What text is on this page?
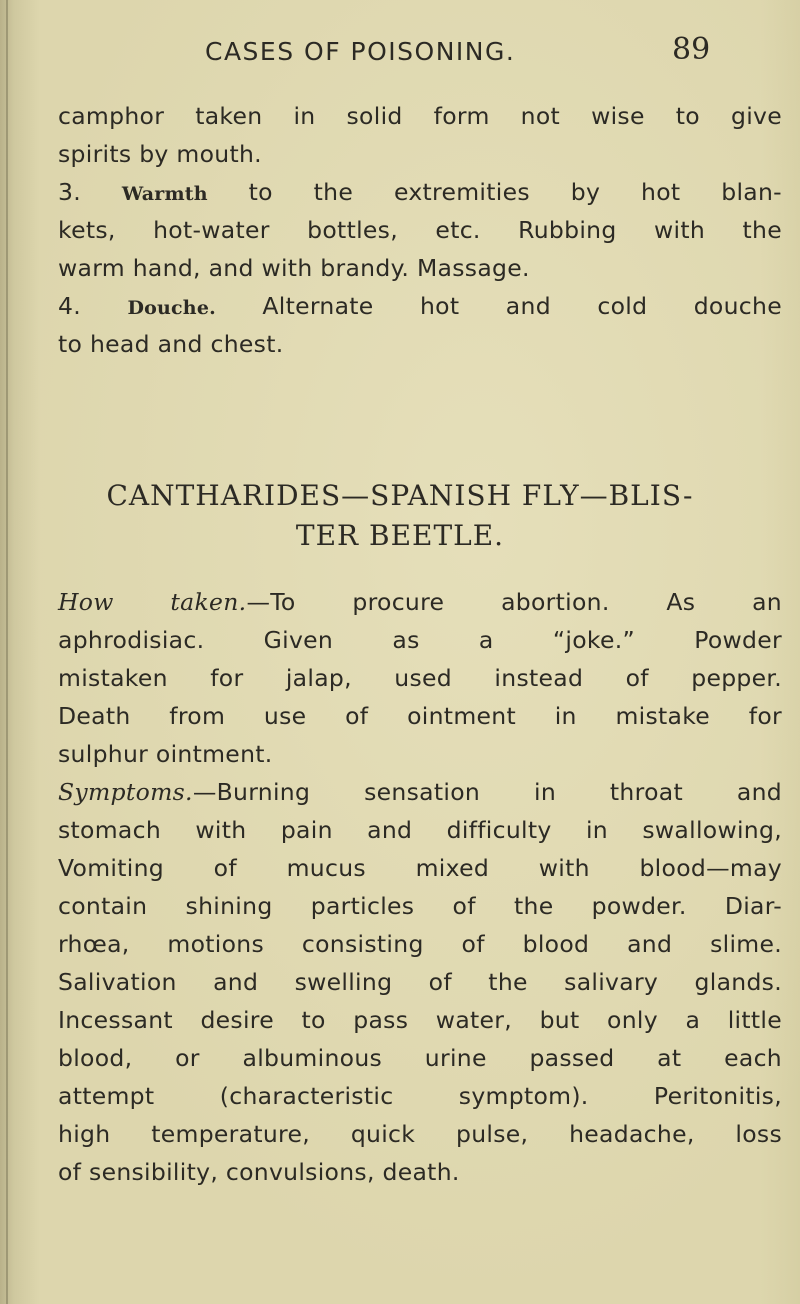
CASES OF POISONING.	89
camphor taken in solid form not wise to give
spirits by mouth.
3. Warmth to the extremities by hot blan-
kets, hot-water bottles, etc. Rubbing with the
warm hand, and with brandy. Massage.
4. Douche. Alternate hot and cold douche
to head and chest.
CANTHARIDES—SPANISH FLY—BLIS-
TER BEETLE.
How taken.—To procure abortion. As an
aphrodisiac. Given as a “joke.” Powder
mistaken for jalap, used instead of pepper.
Death from use of ointment in mistake for
sulphur ointment.
Symptoms.—Burning sensation in throat and
stomach with pain and difficulty in swallowing,
Vomiting of mucus mixed with blood—may
contain shining particles of the powder. Diar-
rhœa, motions consisting of blood and slime.
Salivation and swelling of the salivary glands.
Incessant desire to pass water, but only a little
blood, or albuminous urine passed at each
attempt (characteristic symptom). Peritonitis,
high temperature, quick pulse, headache, loss
of sensibility, convulsions, death.
